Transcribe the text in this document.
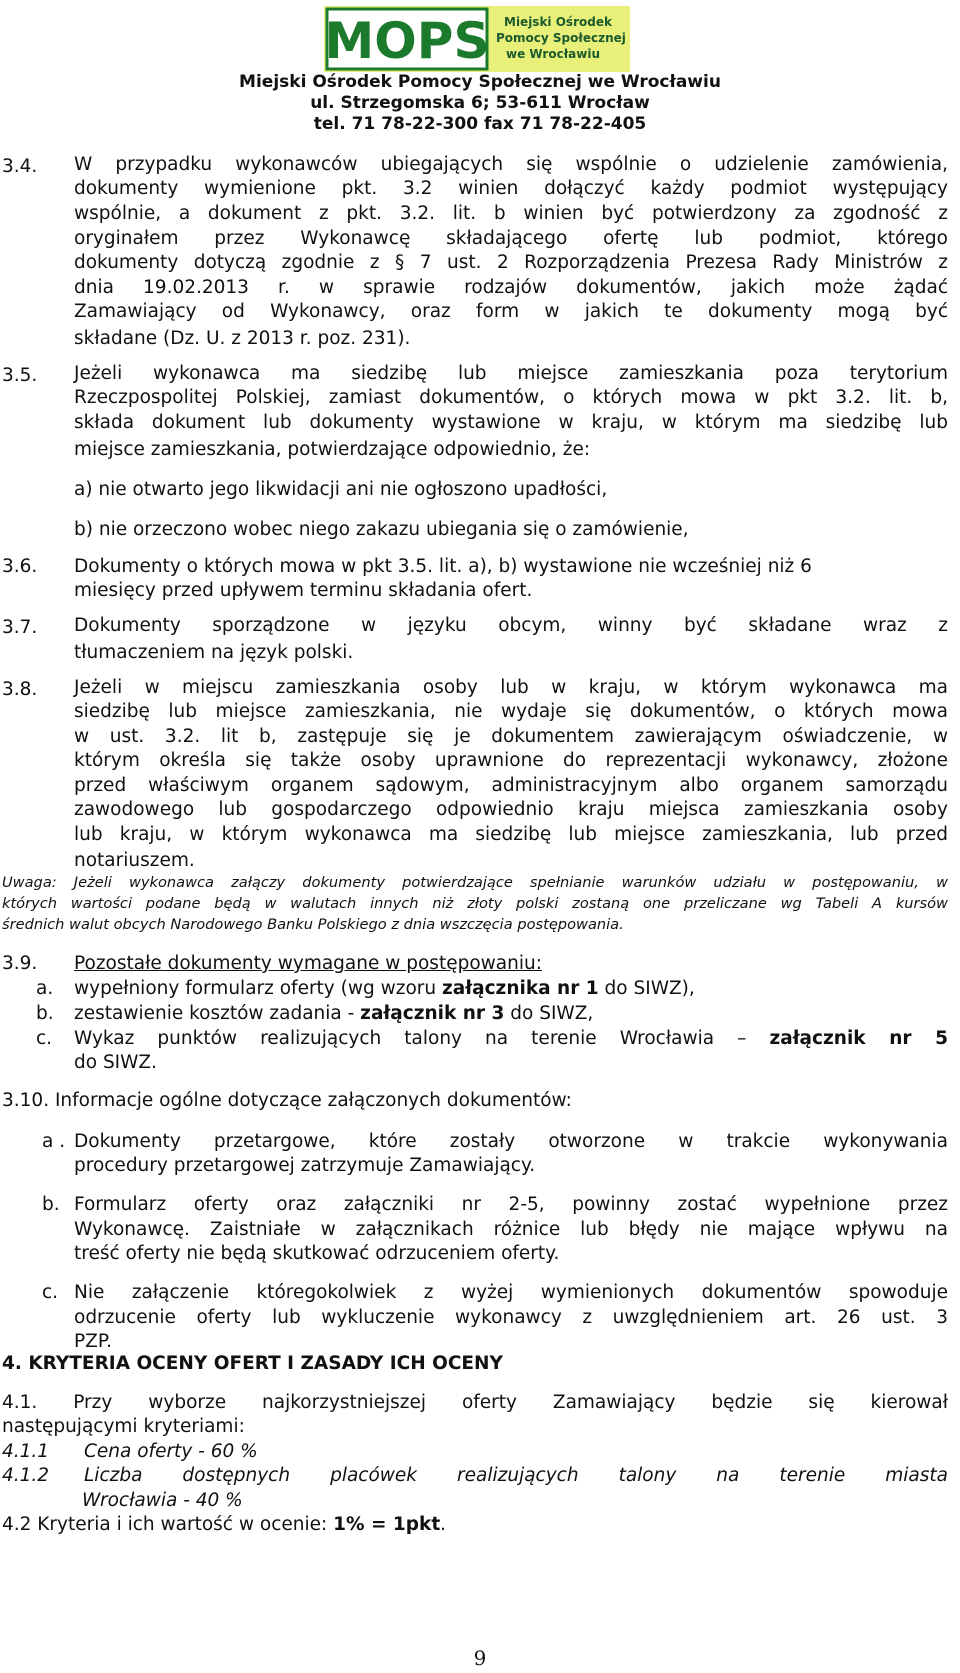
MOPS Miejski Ośrodek
Pomocy Społecznej
we Wrocławiu
Miejski Ośrodek Pomocy Społecznej we Wrocławiu
ul. Strzegomska 6; 53-611 Wrocław
tel. 71 78-22-300 fax 71 78-22-405
3.4. W przypadku wykonawców ubiegających się wspólnie o udzielenie zamówienia,
dokumenty wymienione pkt. 3.2 winien dołączyć każdy podmiot występujący
wspólnie, a dokument z pkt. 3.2. lit. b winien być potwierdzony za zgodność z
oryginałem przez Wykonawcę składającego ofertę lub podmiot, którego
dokumenty dotyczą zgodnie z § 7 ust. 2 Rozporządzenia Prezesa Rady Ministrów z
dnia 19.02.2013 r. w sprawie rodzajów dokumentów, jakich może żądać
Zamawiający od Wykonawcy, oraz form w jakich te dokumenty mogą być
składane (Dz. U. z 2013 r. poz. 231).
3.5. Jeżeli wykonawca ma siedzibę lub miejsce zamieszkania poza terytorium
Rzeczpospolitej Polskiej, zamiast dokumentów, o których mowa w pkt 3.2. lit. b,
składa dokument lub dokumenty wystawione w kraju, w którym ma siedzibę lub
miejsce zamieszkania, potwierdzające odpowiednio, że:
a) nie otwarto jego likwidacji ani nie ogłoszono upadłości,
b) nie orzeczono wobec niego zakazu ubiegania się o zamówienie,
3.6. Dokumenty o których mowa w pkt 3.5. lit. a), b) wystawione nie wcześniej niż 6
miesięcy przed upływem terminu składania ofert.
3.7. Dokumenty sporządzone w języku obcym, winny być składane wraz z
tłumaczeniem na język polski.
3.8. Jeżeli w miejscu zamieszkania osoby lub w kraju, w którym wykonawca ma
siedzibę lub miejsce zamieszkania, nie wydaje się dokumentów, o których mowa
w ust. 3.2. lit b, zastępuje się je dokumentem zawierającym oświadczenie, w
którym określa się także osoby uprawnione do reprezentacji wykonawcy, złożone
przed właściwym organem sądowym, administracyjnym albo organem samorządu
zawodowego lub gospodarczego odpowiednio kraju miejsca zamieszkania osoby
lub kraju, w którym wykonawca ma siedzibę lub miejsce zamieszkania, lub przed
notariuszem.
Uwaga: Jeżeli wykonawca załączy dokumenty potwierdzające spełnianie warunków udziału w postępowaniu, w
których wartości podane będą w walutach innych niż złoty polski zostaną one przeliczane wg Tabeli A kursów
średnich walut obcych Narodowego Banku Polskiego z dnia wszczęcia postępowania.
3.9. Pozostałe dokumenty wymagane w postępowaniu:
a. wypełniony formularz oferty (wg wzoru załącznika nr 1 do SIWZ),
b. zestawienie kosztów zadania - załącznik nr 3 do SIWZ,
c. Wykaz punktów realizujących talony na terenie Wrocławia – załącznik nr 5
do SIWZ.
3.10. Informacje ogólne dotyczące załączonych dokumentów:
a . Dokumenty przetargowe, które zostały otworzone w trakcie wykonywania
procedury przetargowej zatrzymuje Zamawiający.
b. Formularz oferty oraz załączniki nr 2-5, powinny zostać wypełnione przez
Wykonawcę. Zaistniałe w załącznikach różnice lub błędy nie mające wpływu na
treść oferty nie będą skutkować odrzuceniem oferty.
c. Nie załączenie któregokolwiek z wyżej wymienionych dokumentów spowoduje
odrzucenie oferty lub wykluczenie wykonawcy z uwzględnieniem art. 26 ust. 3
PZP.
4. KRYTERIA OCENY OFERT I ZASADY ICH OCENY
4.1. Przy wyborze najkorzystniejszej oferty Zamawiający będzie się kierował
następującymi kryteriami:
4.1.1 Cena oferty - 60 %
4.1.2 Liczba dostępnych placówek realizujących talony na terenie miasta
Wrocławia - 40 %
4.2 Kryteria i ich wartość w ocenie: 1% = 1pkt.
9
